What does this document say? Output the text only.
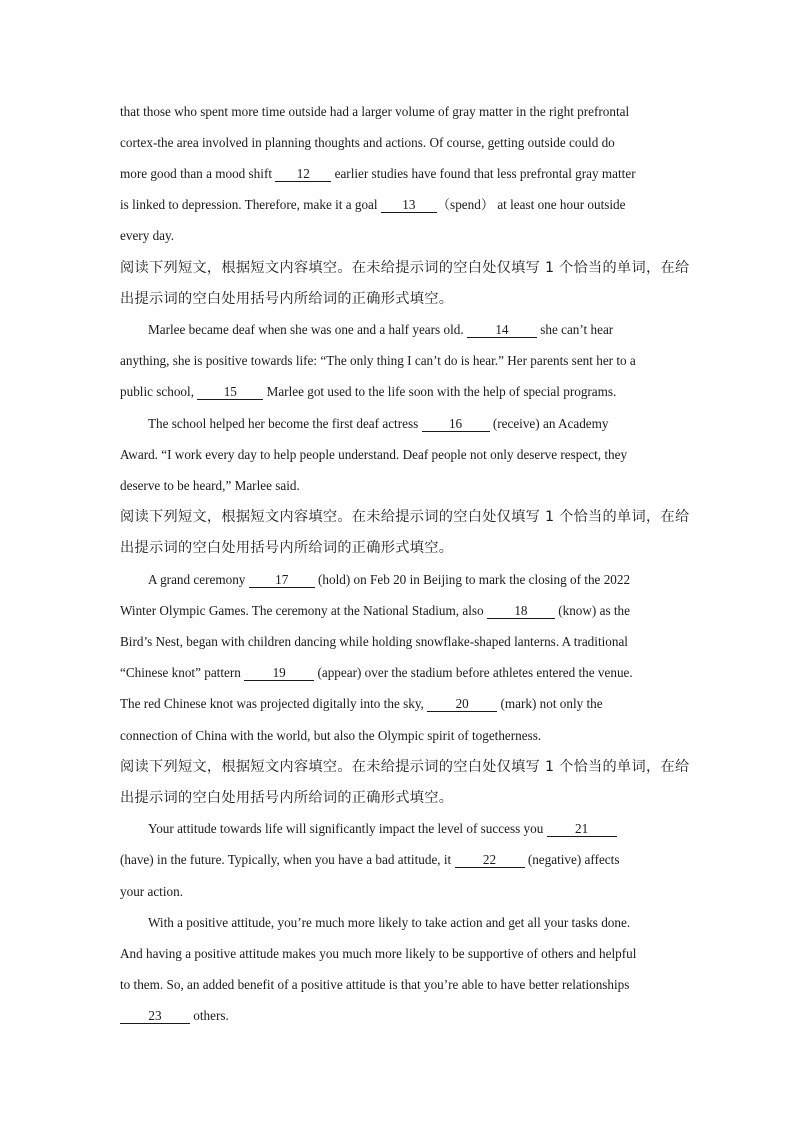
that those who spent more time outside had a larger volume of gray matter in the right prefrontal
cortex-the area involved in planning thoughts and actions. Of course, getting outside could do
more good than a mood shift 12 earlier studies have found that less prefrontal gray matter
is linked to depression. Therefore, make it a goal 13 （spend） at least one hour outside
every day.
阅读下列短文，根据短文内容填空。在未给提示词的空白处仅填写 1 个恰当的单词，在给
出提示词的空白处用括号内所给词的正确形式填空。
Marlee became deaf when she was one and a half years old. 14 she can’t hear
anything, she is positive towards life: “The only thing I can’t do is hear.” Her parents sent her to a
public school, 15 Marlee got used to the life soon with the help of special programs.
The school helped her become the first deaf actress 16 (receive) an Academy
Award. “I work every day to help people understand. Deaf people not only deserve respect, they
deserve to be heard,” Marlee said.
阅读下列短文，根据短文内容填空。在未给提示词的空白处仅填写 1 个恰当的单词，在给
出提示词的空白处用括号内所给词的正确形式填空。
A grand ceremony 17 (hold) on Feb 20 in Beijing to mark the closing of the 2022
Winter Olympic Games. The ceremony at the National Stadium, also 18 (know) as the
Bird’s Nest, began with children dancing while holding snowflake-shaped lanterns. A traditional
“Chinese knot” pattern 19 (appear) over the stadium before athletes entered the venue.
The red Chinese knot was projected digitally into the sky, 20 (mark) not only the
connection of China with the world, but also the Olympic spirit of togetherness.
阅读下列短文，根据短文内容填空。在未给提示词的空白处仅填写 1 个恰当的单词，在给
出提示词的空白处用括号内所给词的正确形式填空。
Your attitude towards life will significantly impact the level of success you 21
(have) in the future. Typically, when you have a bad attitude, it 22 (negative) affects
your action.
With a positive attitude, you’re much more likely to take action and get all your tasks done.
And having a positive attitude makes you much more likely to be supportive of others and helpful
to them. So, an added benefit of a positive attitude is that you’re able to have better relationships
23 others.
